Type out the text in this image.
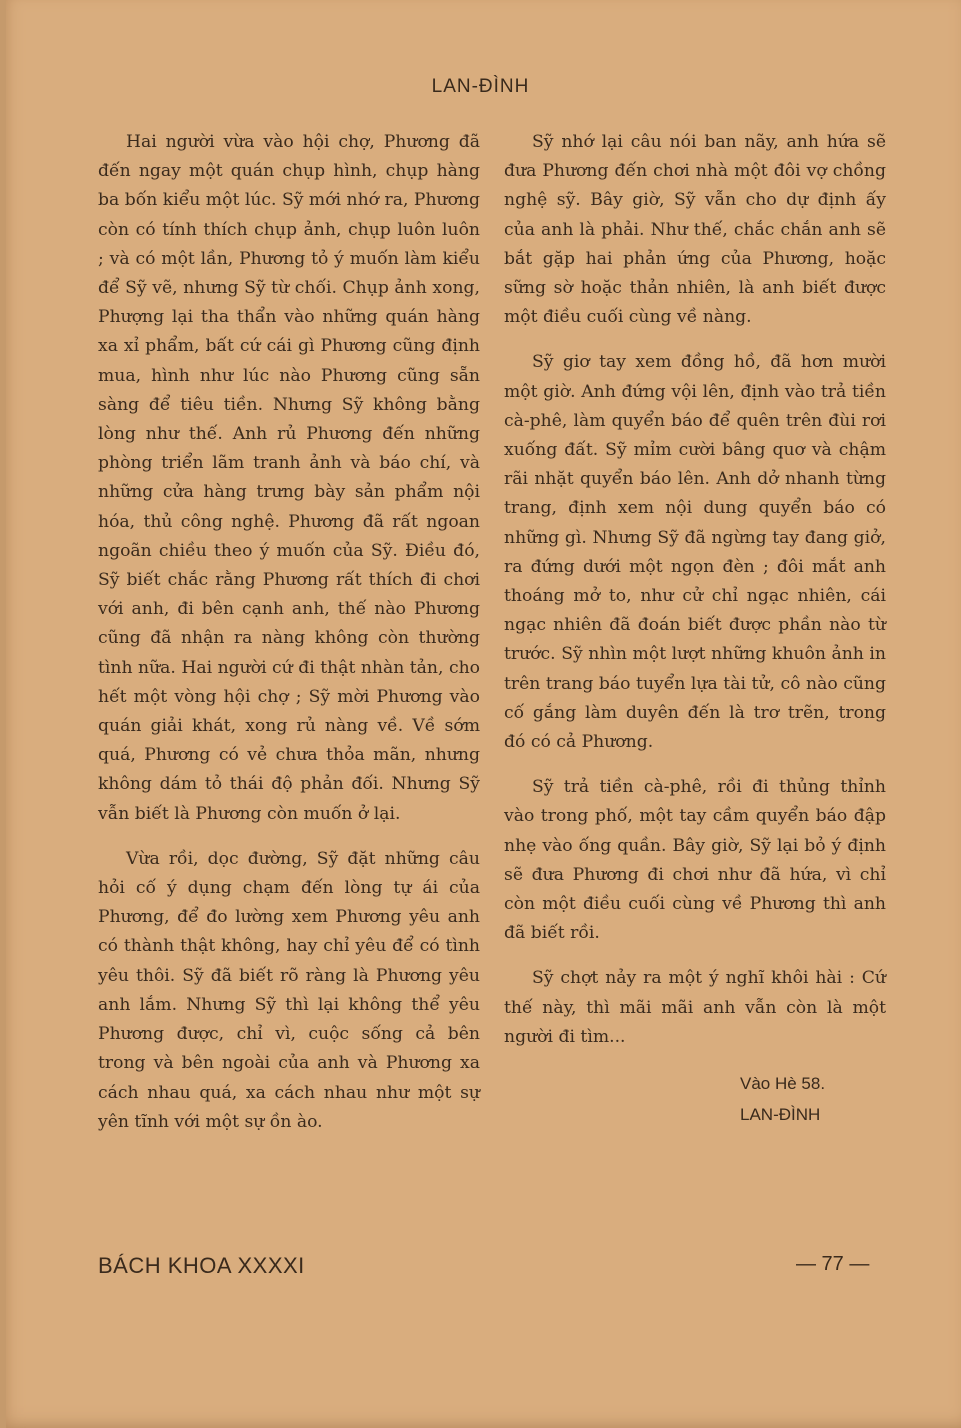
LAN-ĐÌNH

Hai người vừa vào hội chợ, Phương đã đến ngay một quán chụp hình, chụp hàng ba bốn kiểu một lúc. Sỹ mới nhớ ra, Phương còn có tính thích chụp ảnh, chụp luôn luôn ; và có một lần, Phương tỏ ý muốn làm kiểu để Sỹ vẽ, nhưng Sỹ từ chối. Chụp ảnh xong, Phượng lại tha thẩn vào những quán hàng xa xỉ phẩm, bất cứ cái gì Phương cũng định mua, hình như lúc nào Phương cũng sẵn sàng để tiêu tiền. Nhưng Sỹ không bằng lòng như thế. Anh rủ Phương đến những phòng triển lãm tranh ảnh và báo chí, và những cửa hàng trưng bày sản phẩm nội hóa, thủ công nghệ. Phương đã rất ngoan ngoãn chiều theo ý muốn của Sỹ. Điều đó, Sỹ biết chắc rằng Phương rất thích đi chơi với anh, đi bên cạnh anh, thế nào Phương cũng đã nhận ra nàng không còn thường tình nữa. Hai người cứ đi thật nhàn tản, cho hết một vòng hội chợ ; Sỹ mời Phương vào quán giải khát, xong rủ nàng về. Về sớm quá, Phương có vẻ chưa thỏa mãn, nhưng không dám tỏ thái độ phản đối. Nhưng Sỹ vẫn biết là Phương còn muốn ở lại.

Vừa rồi, dọc đường, Sỹ đặt những câu hỏi cố ý dụng chạm đến lòng tự ái của Phương, để đo lường xem Phương yêu anh có thành thật không, hay chỉ yêu để có tình yêu thôi. Sỹ đã biết rõ ràng là Phương yêu anh lắm. Nhưng Sỹ thì lại không thể yêu Phương được, chỉ vì, cuộc sống cả bên trong và bên ngoài của anh và Phương xa cách nhau quá, xa cách nhau như một sự yên tĩnh với một sự ồn ào.

Sỹ nhớ lại câu nói ban nãy, anh hứa sẽ đưa Phương đến chơi nhà một đôi vợ chồng nghệ sỹ. Bây giờ, Sỹ vẫn cho dự định ấy của anh là phải. Như thế, chắc chắn anh sẽ bắt gặp hai phản ứng của Phương, hoặc sững sờ hoặc thản nhiên, là anh biết được một điều cuối cùng về nàng.

Sỹ giơ tay xem đồng hồ, đã hơn mười một giờ. Anh đứng vội lên, định vào trả tiền cà-phê, làm quyển báo để quên trên đùi rơi xuống đất. Sỹ mỉm cười bâng quơ và chậm rãi nhặt quyển báo lên. Anh dở nhanh từng trang, định xem nội dung quyển báo có những gì. Nhưng Sỹ đã ngừng tay đang giở, ra đứng dưới một ngọn đèn ; đôi mắt anh thoáng mở to, như cử chỉ ngạc nhiên, cái ngạc nhiên đã đoán biết được phần nào từ trước. Sỹ nhìn một lượt những khuôn ảnh in trên trang báo tuyển lựa tài tử, cô nào cũng cố gắng làm duyên đến là trơ trẽn, trong đó có cả Phương.

Sỹ trả tiền cà-phê, rồi đi thủng thỉnh vào trong phố, một tay cầm quyển báo đập nhẹ vào ống quần. Bây giờ, Sỹ lại bỏ ý định sẽ đưa Phương đi chơi như đã hứa, vì chỉ còn một điều cuối cùng về Phương thì anh đã biết rồi.

Sỹ chợt nảy ra một ý nghĩ khôi hài : Cứ thế này, thì mãi mãi anh vẫn còn là một người đi tìm...

Vào Hè 58.
LAN-ĐÌNH
BÁCH KHOA XXXXI	— 77 —
